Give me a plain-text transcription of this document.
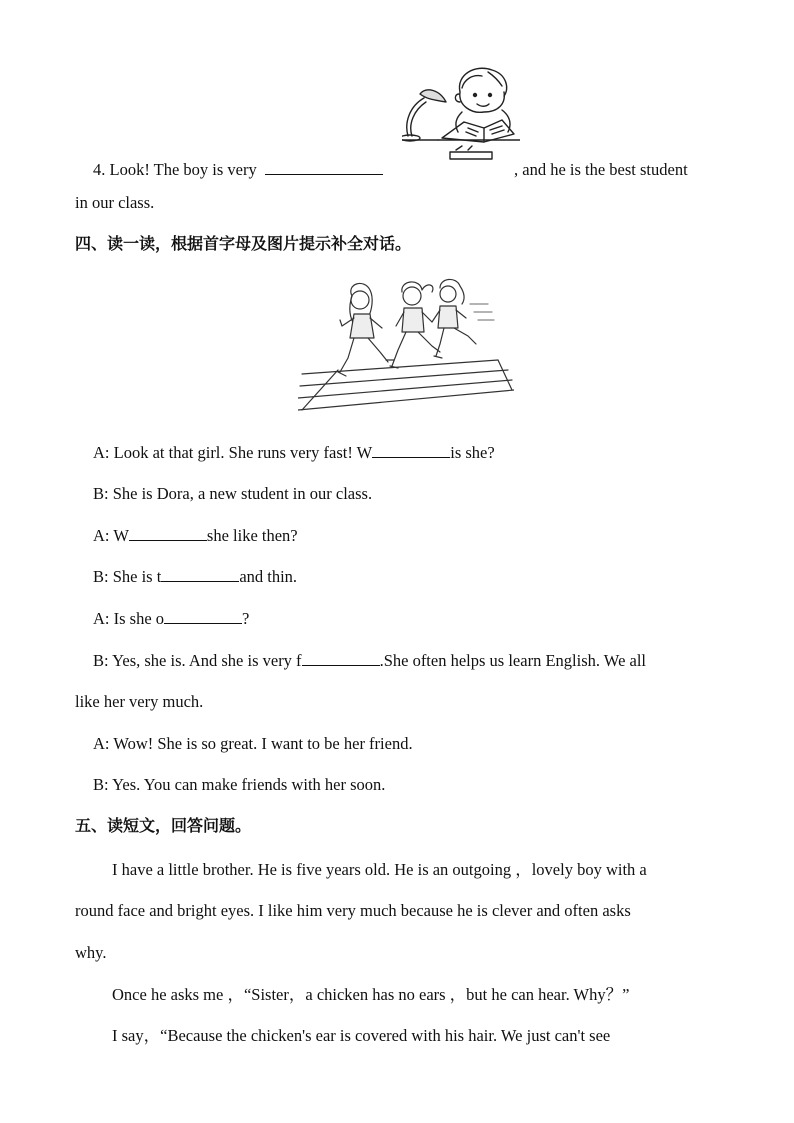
4. Look! The boy is very	, and he is the best student
in our class.
四、读一读，根据首字母及图片提示补全对话。
A: Look at that girl. She runs very fast! W	is she?
B: She is Dora, a new student in our class.
A: W	she like then?
B: She is t	and thin.
A: Is she o	?
B: Yes, she is. And she is very f	.She often helps us learn English. We all
like her very much.
A: Wow! She is so great. I want to be her friend.
B: Yes. You can make friends with her soon.
五、读短文，回答问题。
I have a little brother. He is five years old. He is an outgoing ，lovely boy with a
round face and bright eyes. I like him very much because he is clever and often asks
why.
Once he asks me ，“Sister，a chicken has no ears ，but he can hear. Why？”
I say，“Because the chicken's ear is covered with his hair. We just can't see
